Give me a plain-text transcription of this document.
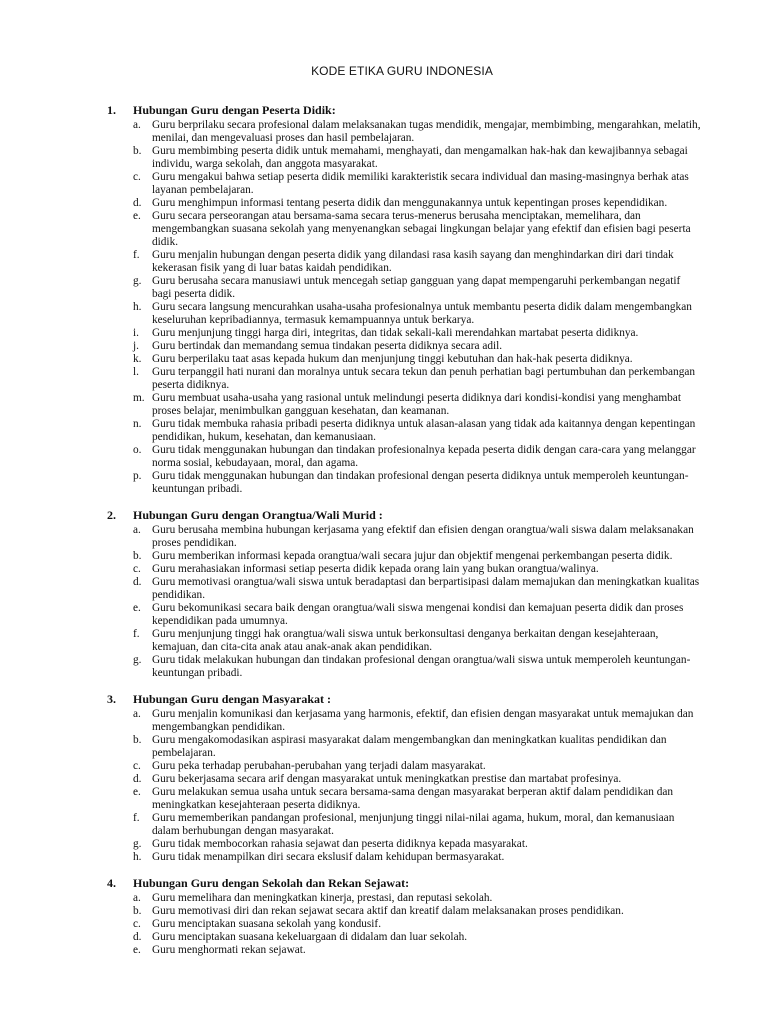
KODE ETIKA GURU INDONESIA
1. Hubungan Guru dengan Peserta Didik:
a. Guru berprilaku secara profesional dalam melaksanakan tugas mendidik, mengajar, membimbing, mengarahkan, melatih, menilai, dan mengevaluasi proses dan hasil pembelajaran.
b. Guru membimbing peserta didik untuk memahami, menghayati, dan mengamalkan hak-hak dan kewajibannya sebagai individu, warga sekolah, dan anggota masyarakat.
c. Guru mengakui bahwa setiap peserta didik memiliki karakteristik secara individual dan masing-masingnya berhak atas layanan pembelajaran.
d. Guru menghimpun informasi tentang peserta didik dan menggunakannya untuk kepentingan proses kependidikan.
e. Guru secara perseorangan atau bersama-sama secara terus-menerus berusaha menciptakan, memelihara, dan mengembangkan suasana sekolah yang menyenangkan sebagai lingkungan belajar yang efektif dan efisien bagi peserta didik.
f. Guru menjalin hubungan dengan peserta didik yang dilandasi rasa kasih sayang dan menghindarkan diri dari tindak kekerasan fisik yang di luar batas kaidah pendidikan.
g. Guru berusaha secara manusiawi untuk mencegah setiap gangguan yang dapat mempengaruhi perkembangan negatif bagi peserta didik.
h. Guru secara langsung mencurahkan usaha-usaha profesionalnya untuk membantu peserta didik dalam mengembangkan keseluruhan kepribadiannya, termasuk kemampuannya untuk berkarya.
i. Guru menjunjung tinggi harga diri, integritas, dan tidak sekali-kali merendahkan martabat peserta didiknya.
j. Guru bertindak dan memandang semua tindakan peserta didiknya secara adil.
k. Guru berperilaku taat asas kepada hukum dan menjunjung tinggi kebutuhan dan hak-hak peserta didiknya.
l. Guru terpanggil hati nurani dan moralnya untuk secara tekun dan penuh perhatian bagi pertumbuhan dan perkembangan peserta didiknya.
m. Guru membuat usaha-usaha yang rasional untuk melindungi peserta didiknya dari kondisi-kondisi yang menghambat proses belajar, menimbulkan gangguan kesehatan, dan keamanan.
n. Guru tidak membuka rahasia pribadi peserta didiknya untuk alasan-alasan yang tidak ada kaitannya dengan kepentingan pendidikan, hukum, kesehatan, dan kemanusiaan.
o. Guru tidak menggunakan hubungan dan tindakan profesionalnya kepada peserta didik dengan cara-cara yang melanggar norma sosial, kebudayaan, moral, dan agama.
p. Guru tidak menggunakan hubungan dan tindakan profesional dengan peserta didiknya untuk memperoleh keuntungan-keuntungan pribadi.
2. Hubungan Guru dengan Orangtua/Wali Murid :
a. Guru berusaha membina hubungan kerjasama yang efektif dan efisien dengan orangtua/wali siswa dalam melaksanakan proses pendidikan.
b. Guru memberikan informasi kepada orangtua/wali secara jujur dan objektif mengenai perkembangan peserta didik.
c. Guru merahasiakan informasi setiap peserta didik kepada orang lain yang bukan orangtua/walinya.
d. Guru memotivasi orangtua/wali siswa untuk beradaptasi dan berpartisipasi dalam memajukan dan meningkatkan kualitas pendidikan.
e. Guru bekomunikasi secara baik dengan orangtua/wali siswa mengenai kondisi dan kemajuan peserta didik dan proses kependidikan pada umumnya.
f. Guru menjunjung tinggi hak orangtua/wali siswa untuk berkonsultasi denganya berkaitan dengan kesejahteraan, kemajuan, dan cita-cita anak atau anak-anak akan pendidikan.
g. Guru tidak melakukan hubungan dan tindakan profesional dengan orangtua/wali siswa untuk memperoleh keuntungan-keuntungan pribadi.
3. Hubungan Guru dengan Masyarakat :
a. Guru menjalin komunikasi dan kerjasama yang harmonis, efektif, dan efisien dengan masyarakat untuk memajukan dan mengembangkan pendidikan.
b. Guru mengakomodasikan aspirasi masyarakat dalam mengembangkan dan meningkatkan kualitas pendidikan dan pembelajaran.
c. Guru peka terhadap perubahan-perubahan yang terjadi dalam masyarakat.
d. Guru bekerjasama secara arif dengan masyarakat untuk meningkatkan prestise dan martabat profesinya.
e. Guru melakukan semua usaha untuk secara bersama-sama dengan masyarakat berperan aktif dalam pendidikan dan meningkatkan kesejahteraan peserta didiknya.
f. Guru mememberikan pandangan profesional, menjunjung tinggi nilai-nilai agama, hukum, moral, dan kemanusiaan dalam berhubungan dengan masyarakat.
g. Guru tidak membocorkan rahasia sejawat dan peserta didiknya kepada masyarakat.
h. Guru tidak menampilkan diri secara ekslusif dalam kehidupan bermasyarakat.
4. Hubungan Guru dengan Sekolah dan Rekan Sejawat:
a. Guru memelihara dan meningkatkan kinerja, prestasi, dan reputasi sekolah.
b. Guru memotivasi diri dan rekan sejawat secara aktif dan kreatif dalam melaksanakan proses pendidikan.
c. Guru menciptakan suasana sekolah yang kondusif.
d. Guru menciptakan suasana kekeluargaan di didalam dan luar sekolah.
e. Guru menghormati rekan sejawat.
